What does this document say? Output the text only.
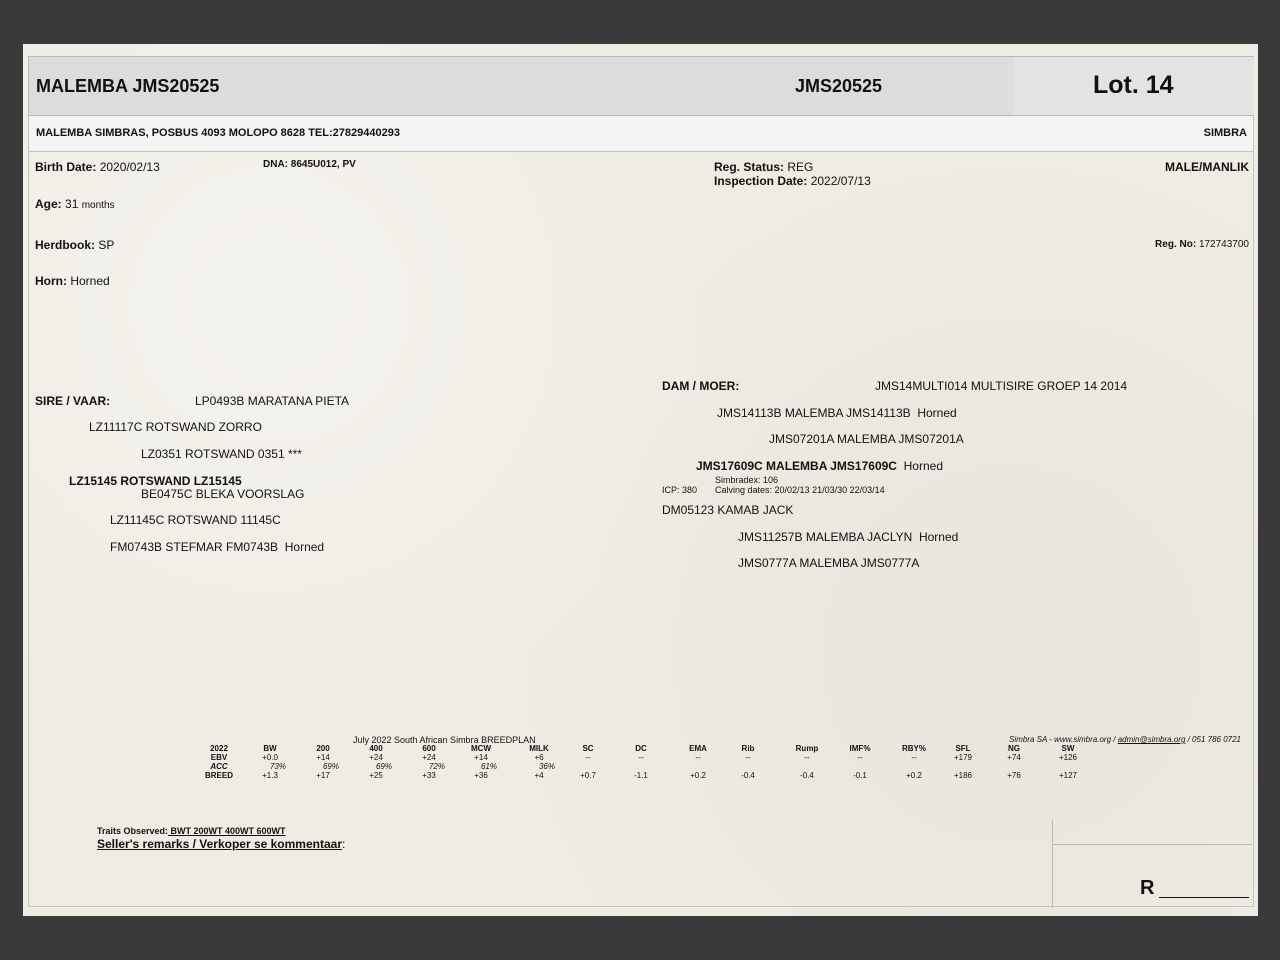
MALEMBA JMS20525	JMS20525	Lot. 14
MALEMBA SIMBRAS, POSBUS 4093 MOLOPO 8628 TEL:27829440293	SIMBRA
Birth Date: 2020/02/13	DNA: 8645U012, PV	Reg. Status: REG
Inspection Date: 2022/07/13
MALE/MANLIK
Age: 31 months
Herdbook: SP	Reg. No: 172743700
Horn: Horned
SIRE / VAAR:	LP0493B MARATANA PIETA
LZ11117C ROTSWAND ZORRO
LZ0351 ROTSWAND 0351 ***
LZ15145 ROTSWAND LZ15145
BE0475C BLEKA VOORSLAG
LZ11145C ROTSWAND 11145C
FM0743B STEFMAR FM0743B Horned
DAM / MOER:	JMS14MULTI014 MULTISIRE GROEP 14 2014
JMS14113B MALEMBA JMS14113B Horned
JMS07201A MALEMBA JMS07201A
JMS17609C MALEMBA JMS17609C Horned
Simbradex: 106
ICP: 380 Calving dates: 20/02/13 21/03/30 22/03/14
DM05123 KAMAB JACK
JMS11257B MALEMBA JACLYN Horned
JMS0777A MALEMBA JMS0777A
July 2022 South African Simbra BREEDPLAN	Simbra SA - www.simbra.org / admin@simbra.org / 051 786 0721
Traits Observed: BWT 200WT 400WT 600WT
Seller's remarks / Verkoper se kommentaar:
R
2022	BW	200	400	600	MCW	MILK	SC	DC	EMA	Rib	Rump	IMF%	RBY%	SFL	NG	SW
EBV	+0.0	+14	+24	+24	+14	+6	--	--	--	--	--	--	--	+179	+74	+126
ACC	73%	69%	69%	72%	61%	36%
BREED	+1.3	+17	+25	+33	+36	+4	+0.7	-1.1	+0.2	-0.4	-0.4	-0.1	+0.2	+186	+76	+127
